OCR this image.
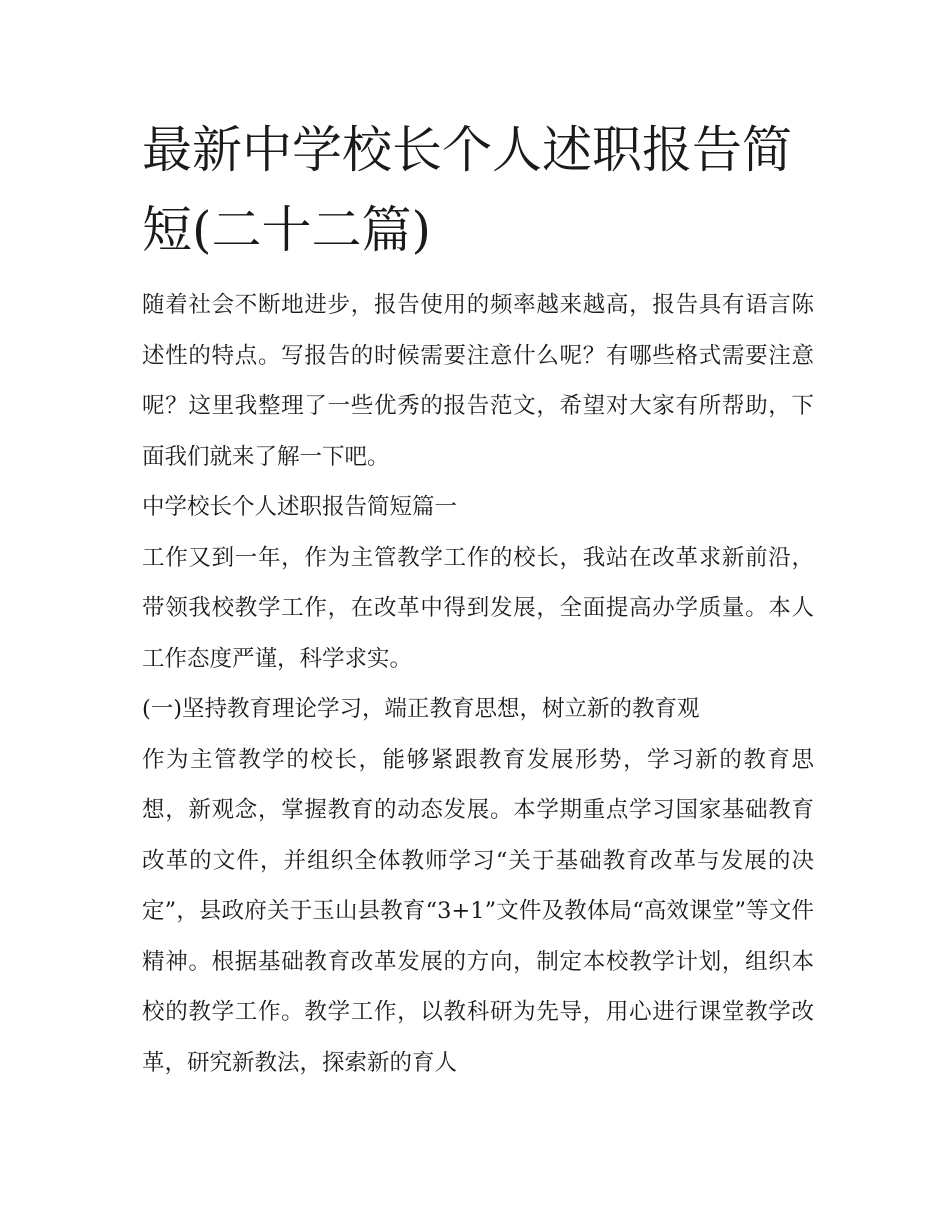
最新中学校长个人述职报告简短(二十二篇)

随着社会不断地进步，报告使用的频率越来越高，报告具有语言陈述性的特点。写报告的时候需要注意什么呢？有哪些格式需要注意呢？这里我整理了一些优秀的报告范文，希望对大家有所帮助，下面我们就来了解一下吧。

中学校长个人述职报告简短篇一

工作又到一年，作为主管教学工作的校长，我站在改革求新前沿，带领我校教学工作，在改革中得到发展，全面提高办学质量。本人工作态度严谨，科学求实。

(一)坚持教育理论学习，端正教育思想，树立新的教育观

作为主管教学的校长，能够紧跟教育发展形势，学习新的教育思想，新观念，掌握教育的动态发展。本学期重点学习国家基础教育改革的文件，并组织全体教师学习“关于基础教育改革与发展的决定”，县政府关于玉山县教育“3+1”文件及教体局“高效课堂”等文件精神。根据基础教育改革发展的方向，制定本校教学计划，组织本校的教学工作。教学工作，以教科研为先导，用心进行课堂教学改革，研究新教法，探索新的育人
